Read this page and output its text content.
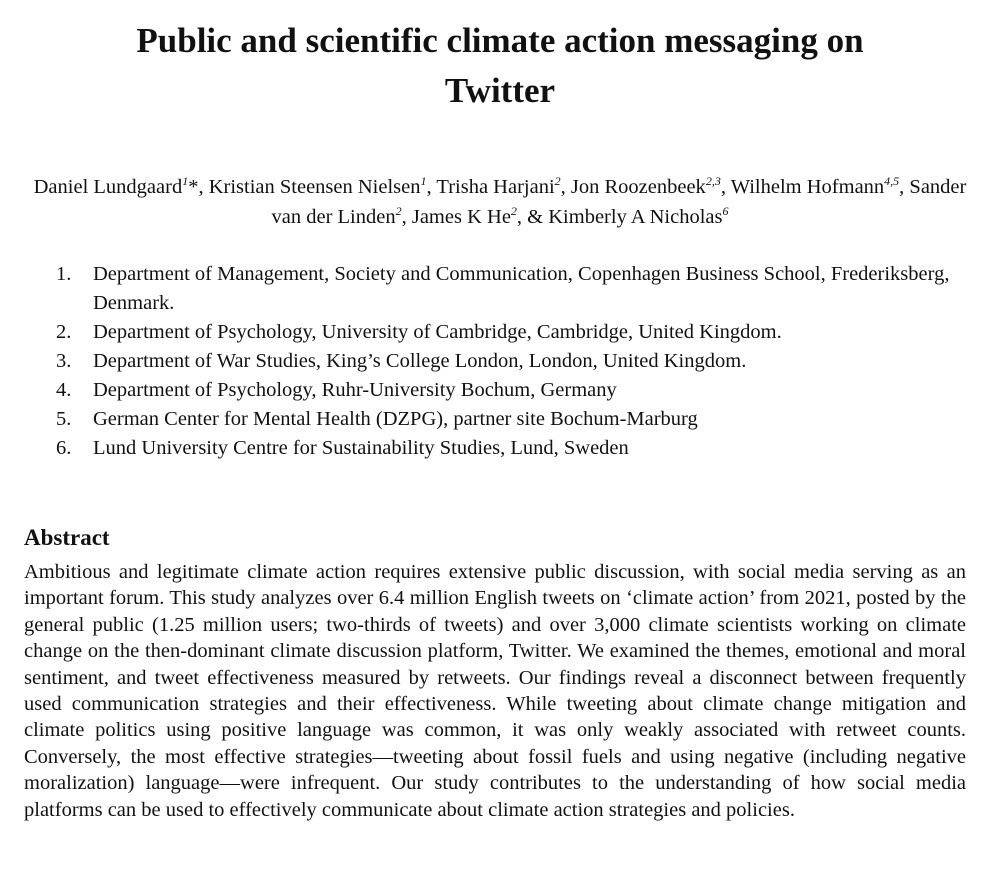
Public and scientific climate action messaging on
Twitter
Daniel Lundgaard$^1$*, Kristian Steensen Nielsen$^1$, Trisha Harjani$^2$, Jon Roozenbeek$^{2,3}$, Wilhelm Hofmann$^{4,5}$, Sander van der Linden$^2$, James K He$^2$, & Kimberly A Nicholas$^6$
1. Department of Management, Society and Communication, Copenhagen Business School, Frederiksberg, Denmark.
2. Department of Psychology, University of Cambridge, Cambridge, United Kingdom.
3. Department of War Studies, King’s College London, London, United Kingdom.
4. Department of Psychology, Ruhr-University Bochum, Germany
5. German Center for Mental Health (DZPG), partner site Bochum-Marburg
6. Lund University Centre for Sustainability Studies, Lund, Sweden
Abstract

Ambitious and legitimate climate action requires extensive public discussion, with social media serving as an important forum. This study analyzes over 6.4 million English tweets on ‘climate action’ from 2021, posted by the general public (1.25 million users; two-thirds of tweets) and over 3,000 climate scientists working on climate change on the then-dominant climate discussion platform, Twitter. We examined the themes, emotional and moral sentiment, and tweet effectiveness measured by retweets. Our findings reveal a disconnect between frequently used communication strategies and their effectiveness. While tweeting about climate change mitigation and climate politics using positive language was common, it was only weakly associated with retweet counts. Conversely, the most effective strategies—tweeting about fossil fuels and using negative (including negative moralization) language—were infrequent. Our study contributes to the understanding of how social media platforms can be used to effectively communicate about climate action strategies and policies.
